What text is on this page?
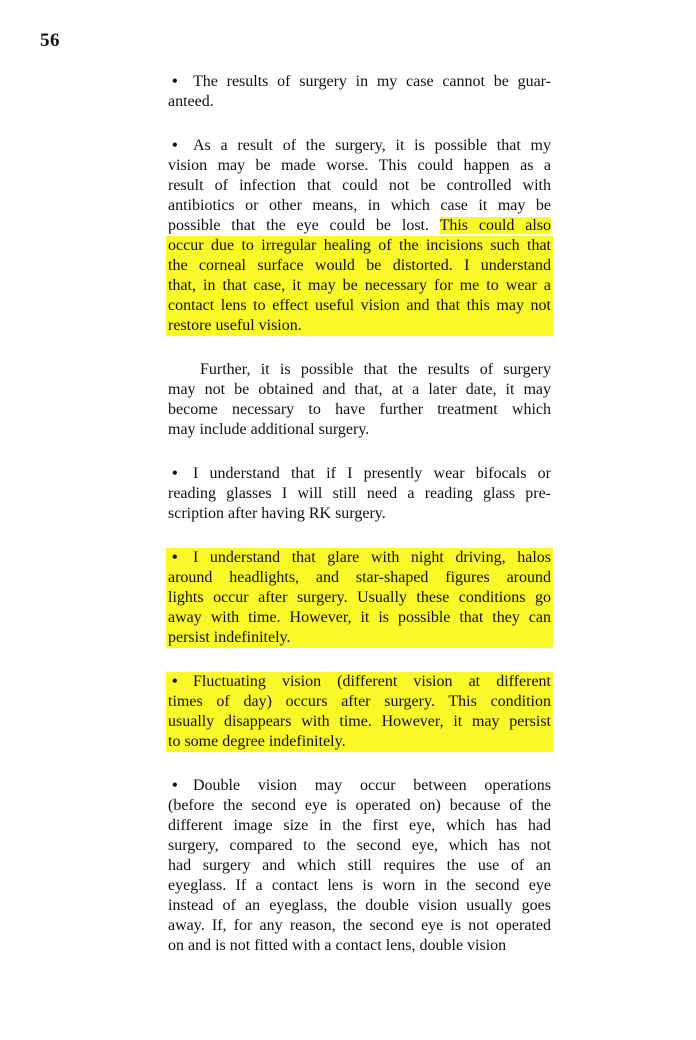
56
• The results of surgery in my case cannot be guar-
anteed.
• As a result of the surgery, it is possible that my
vision may be made worse. This could happen as a
result of infection that could not be controlled with
antibiotics or other means, in which case it may be
possible that the eye could be lost. This could also
occur due to irregular healing of the incisions such that
the corneal surface would be distorted. I understand
that, in that case, it may be necessary for me to wear a
contact lens to effect useful vision and that this may not
restore useful vision.
Further, it is possible that the results of surgery
may not be obtained and that, at a later date, it may
become necessary to have further treatment which
may include additional surgery.
• I understand that if I presently wear bifocals or
reading glasses I will still need a reading glass pre-
scription after having RK surgery.
• I understand that glare with night driving, halos
around headlights, and star-shaped figures around
lights occur after surgery. Usually these conditions go
away with time. However, it is possible that they can
persist indefinitely.
• Fluctuating vision (different vision at different
times of day) occurs after surgery. This condition
usually disappears with time. However, it may persist
to some degree indefinitely.
• Double vision may occur between operations
(before the second eye is operated on) because of the
different image size in the first eye, which has had
surgery, compared to the second eye, which has not
had surgery and which still requires the use of an
eyeglass. If a contact lens is worn in the second eye
instead of an eyeglass, the double vision usually goes
away. If, for any reason, the second eye is not operated
on and is not fitted with a contact lens, double vision
